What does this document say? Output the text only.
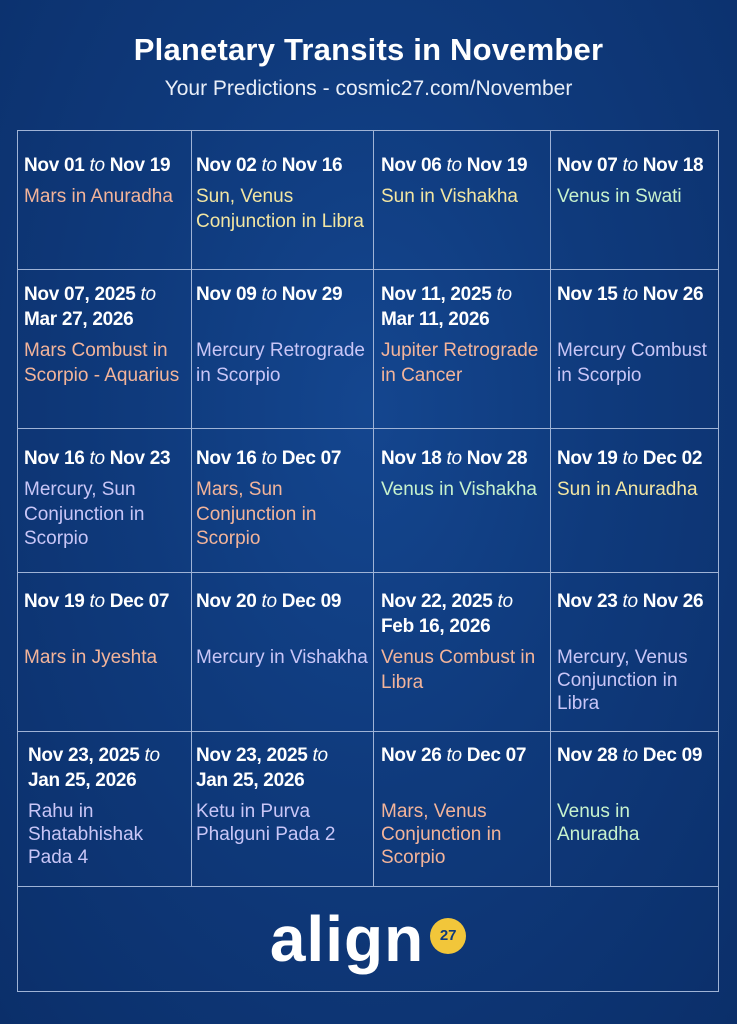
Planetary Transits in November

Your Predictions - cosmic27.com/November

Nov 01 to Nov 19
Mars in Anuradha
Nov 02 to Nov 16
Sun, Venus Conjunction in Libra
Nov 06 to Nov 19
Sun in Vishakha
Nov 07 to Nov 18
Venus in Swati
Nov 07, 2025 to
Mar 27, 2026
Mars Combust in Scorpio - Aquarius
Nov 09 to Nov 29
Mercury Retrograde in Scorpio
Nov 11, 2025 to
Mar 11, 2026
Jupiter Retrograde in Cancer
Nov 15 to Nov 26
Mercury Combust in Scorpio
Nov 16 to Nov 23
Mercury, Sun Conjunction in Scorpio
Nov 16 to Dec 07
Mars, Sun Conjunction in Scorpio
Nov 18 to Nov 28
Venus in Vishakha
Nov 19 to Dec 02
Sun in Anuradha
Nov 19 to Dec 07
Mars in Jyeshta
Nov 20 to Dec 09
Mercury in Vishakha
Nov 22, 2025 to
Feb 16, 2026
Venus Combust in Libra
Nov 23 to Nov 26
Mercury, Venus Conjunction in Libra
Nov 23, 2025 to
Jan 25, 2026
Rahu in Shatabhishak Pada 4
Nov 23, 2025 to
Jan 25, 2026
Ketu in Purva Phalguni Pada 2
Nov 26 to Dec 07
Mars, Venus Conjunction in Scorpio
Nov 28 to Dec 09
Venus in Anuradha
align	27
